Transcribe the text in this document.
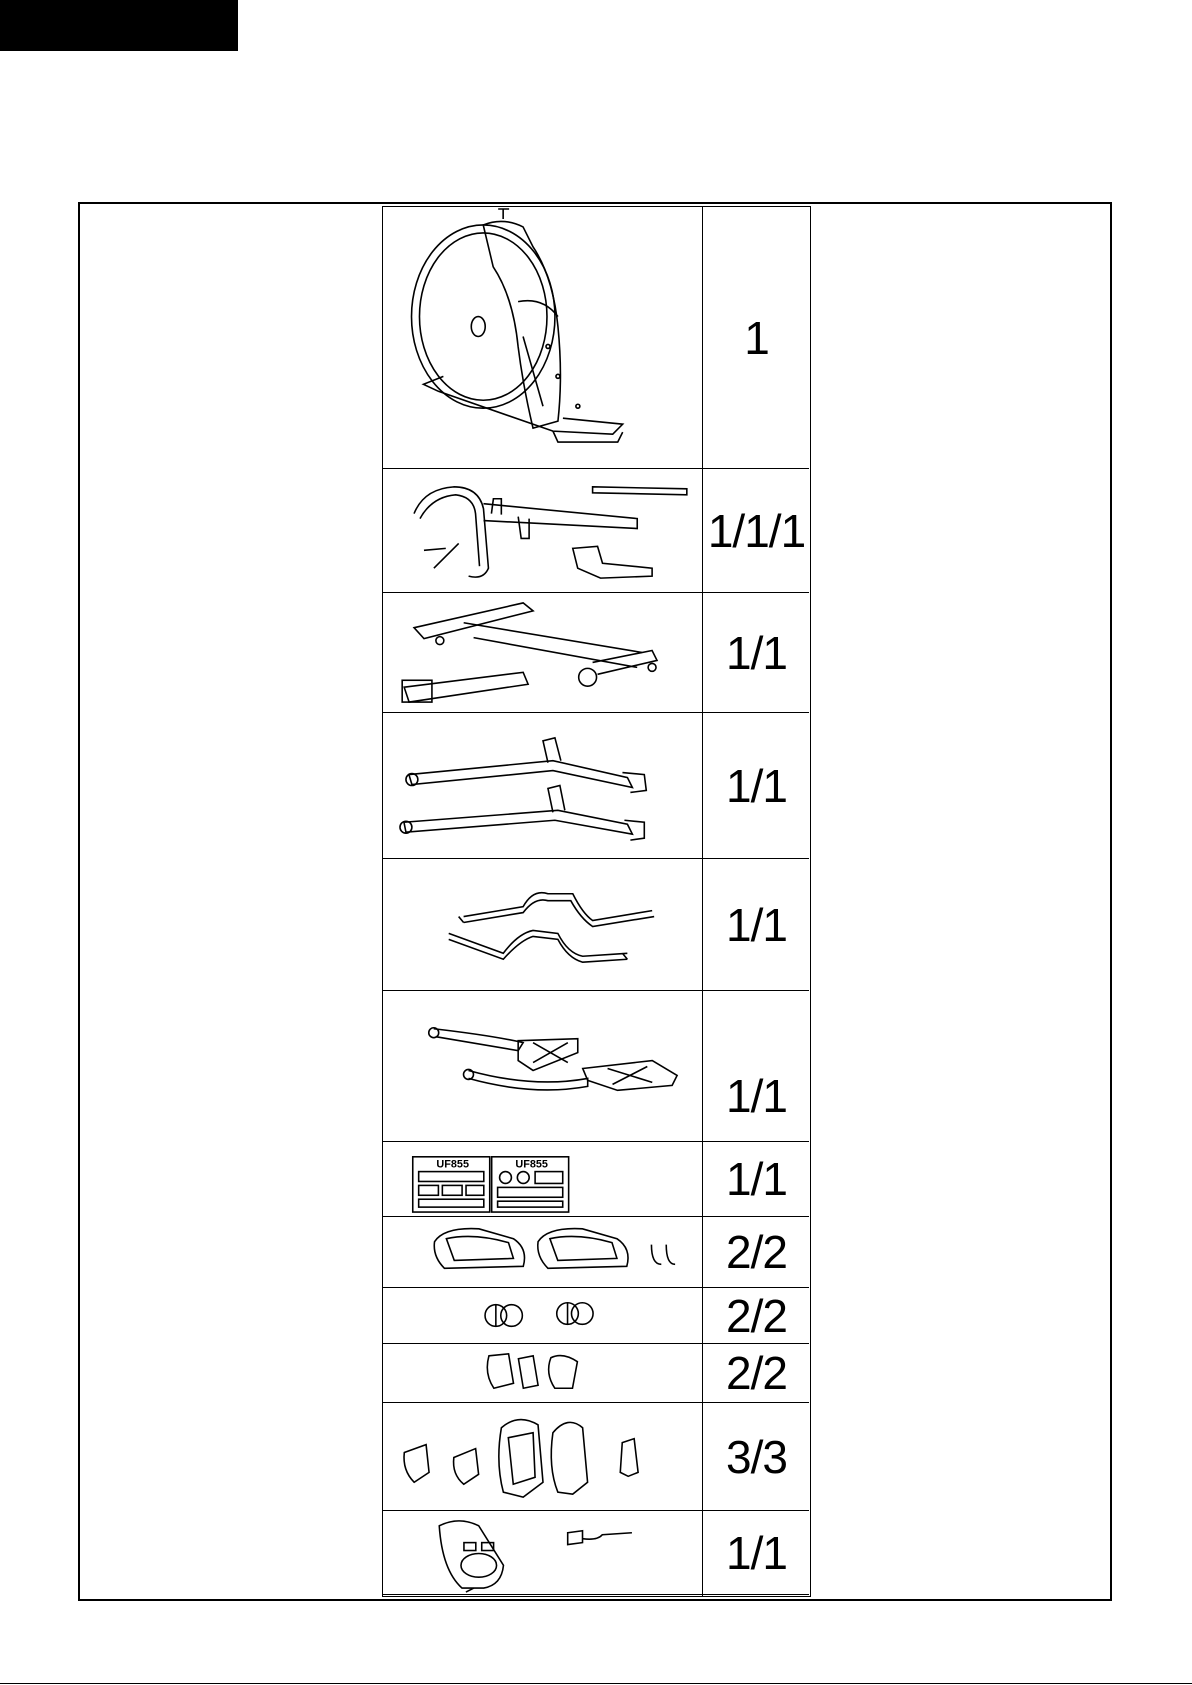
1
1/1/1
1/1
1/1
1/1
1/1
UF855	UF855	1/1
2/2
2/2
2/2
3/3
1/1
